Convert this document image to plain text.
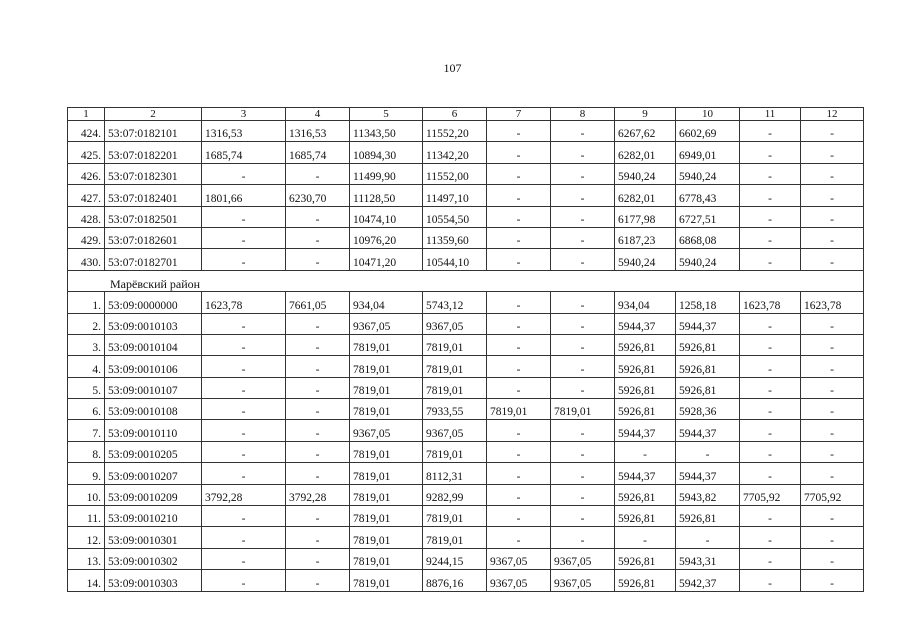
107
1	2	3	4	5	6	7	8	9	10	11	12
424.	53:07:0182101	1316,53	1316,53	11343,50	11552,20	-	-	6267,62	6602,69	-	-
425.	53:07:0182201	1685,74	1685,74	10894,30	11342,20	-	-	6282,01	6949,01	-	-
426.	53:07:0182301	-	-	11499,90	11552,00	-	-	5940,24	5940,24	-	-
427.	53:07:0182401	1801,66	6230,70	11128,50	11497,10	-	-	6282,01	6778,43	-	-
428.	53:07:0182501	-	-	10474,10	10554,50	-	-	6177,98	6727,51	-	-
429.	53:07:0182601	-	-	10976,20	11359,60	-	-	6187,23	6868,08	-	-
430.	53:07:0182701	-	-	10471,20	10544,10	-	-	5940,24	5940,24	-	-
Марёвский район											
1.	53:09:0000000	1623,78	7661,05	934,04	5743,12	-	-	934,04	1258,18	1623,78	1623,78
2.	53:09:0010103	-	-	9367,05	9367,05	-	-	5944,37	5944,37	-	-
3.	53:09:0010104	-	-	7819,01	7819,01	-	-	5926,81	5926,81	-	-
4.	53:09:0010106	-	-	7819,01	7819,01	-	-	5926,81	5926,81	-	-
5.	53:09:0010107	-	-	7819,01	7819,01	-	-	5926,81	5926,81	-	-
6.	53:09:0010108	-	-	7819,01	7933,55	7819,01	7819,01	5926,81	5928,36	-	-
7.	53:09:0010110	-	-	9367,05	9367,05	-	-	5944,37	5944,37	-	-
8.	53:09:0010205	-	-	7819,01	7819,01	-	-	-	-	-	-
9.	53:09:0010207	-	-	7819,01	8112,31	-	-	5944,37	5944,37	-	-
10.	53:09:0010209	3792,28	3792,28	7819,01	9282,99	-	-	5926,81	5943,82	7705,92	7705,92
11.	53:09:0010210	-	-	7819,01	7819,01	-	-	5926,81	5926,81	-	-
12.	53:09:0010301	-	-	7819,01	7819,01	-	-	-	-	-	-
13.	53:09:0010302	-	-	7819,01	9244,15	9367,05	9367,05	5926,81	5943,31	-	-
14.	53:09:0010303	-	-	7819,01	8876,16	9367,05	9367,05	5926,81	5942,37	-	-
